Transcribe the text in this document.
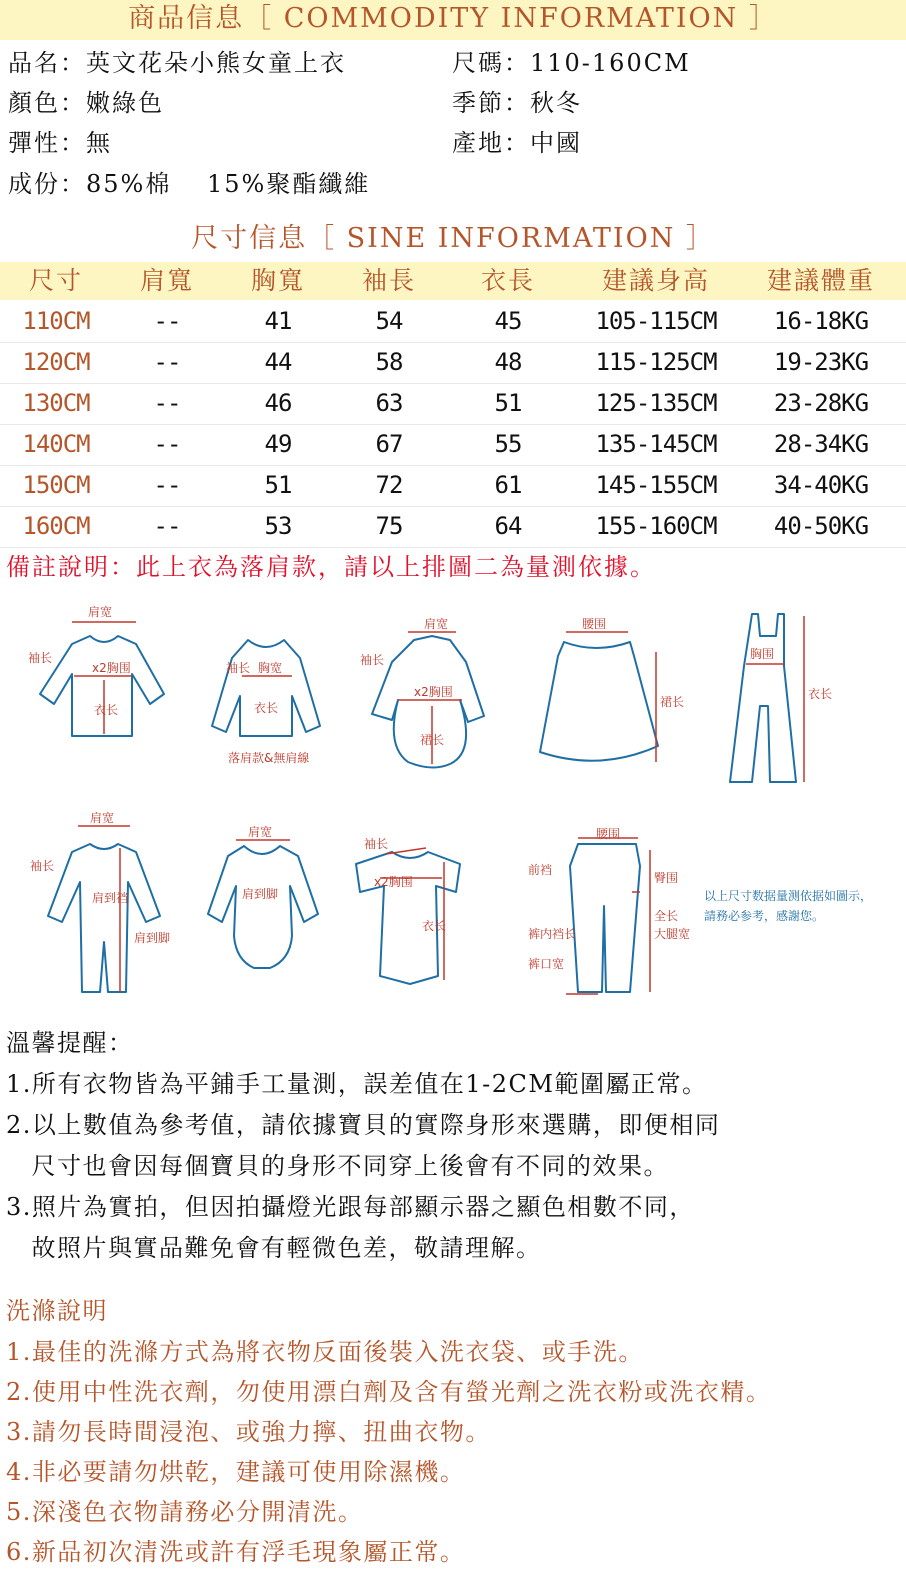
商品信息［ COMMODITY INFORMATION ］
品名：英文花朵小熊女童上衣	尺碼：110-160CM
顏色：嫩綠色	季節：秋冬
彈性：無	產地：中國
成份：85%棉　 15%聚酯纖維
尺寸信息［ SINE INFORMATION ］
尺寸 肩寬 胸寬 袖長	衣長	建議身高 建議體重
110CM	--	41	54	45	105-115CM 16-18KG
120CM	--	44	58	48	115-125CM 19-23KG
130CM	--	46	63	51	125-135CM 23-28KG
140CM	--	49	67	55	135-145CM 28-34KG
150CM	--	51	72	61	145-155CM 34-40KG
160CM	--	53	75	64	155-160CM 40-50KG
備註說明：此上衣為落肩款，請以上排圖二為量測依據。
肩宽
袖长
x2胸围
衣长
袖长 胸宽
衣长
落肩款&無肩線
肩宽
袖长
x2胸围
裙长
腰围
裙长
胸围
衣长
肩宽
袖长
肩到裆
肩到脚
肩宽
肩到脚
袖长
x2胸围
衣长
腰围
前裆
臀围
全长
大腿宽
裤内裆长
裤口宽
以上尺寸数据量测依据如圖示，
請務必参考，感謝您。
溫馨提醒：
1.所有衣物皆為平鋪手工量測，誤差值在1-2CM範圍屬正常。
2.以上數值為參考值，請依據寶貝的實際身形來選購，即便相同
　尺寸也會因每個寶貝的身形不同穿上後會有不同的效果。
3.照片為實拍，但因拍攝燈光跟每部顯示器之顯色相數不同，
　故照片與實品難免會有輕微色差，敬請理解。
洗滌說明
1.最佳的洗滌方式為將衣物反面後裝入洗衣袋、或手洗。
2.使用中性洗衣劑，勿使用漂白劑及含有螢光劑之洗衣粉或洗衣精。
3.請勿長時間浸泡、或強力擰、扭曲衣物。
4.非必要請勿烘乾，建議可使用除濕機。
5.深淺色衣物請務必分開清洗。
6.新品初次清洗或許有浮毛現象屬正常。
